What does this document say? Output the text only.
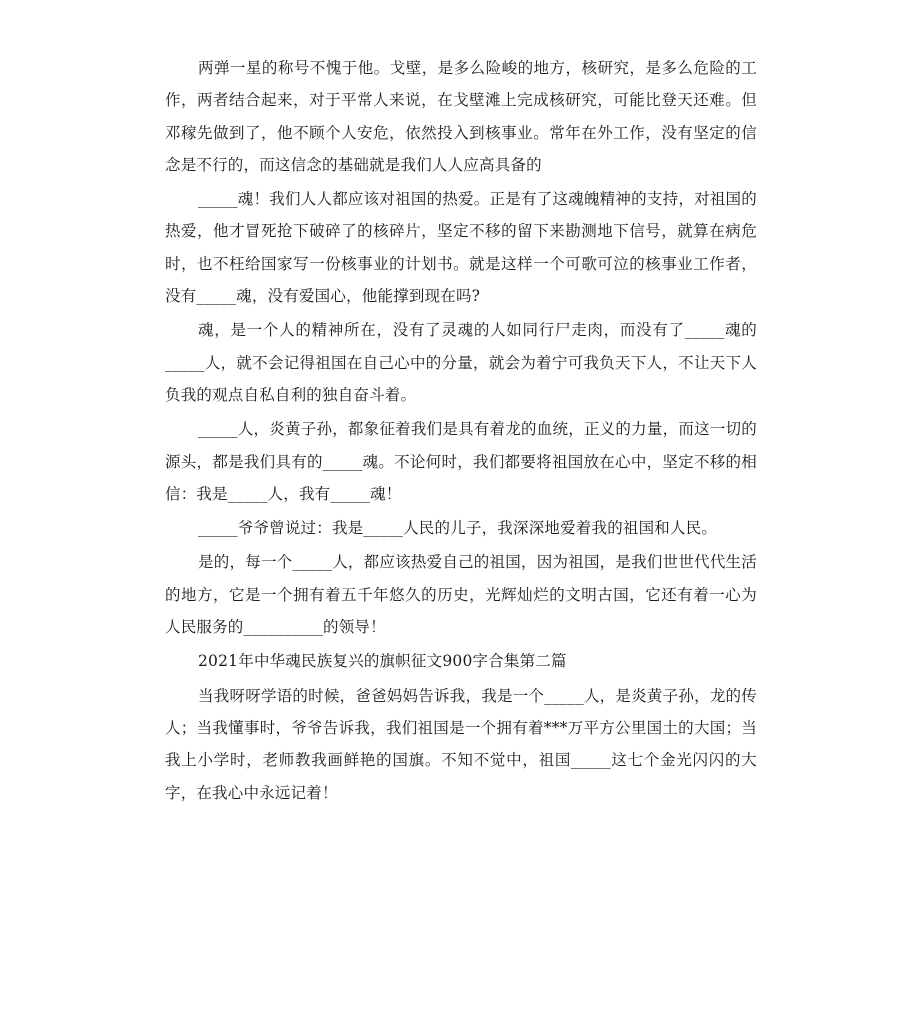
两弹一星的称号不愧于他。戈壁，是多么险峻的地方，核研究，是多么危险的工作，两者结合起来，对于平常人来说，在戈壁滩上完成核研究，可能比登天还难。但邓稼先做到了，他不顾个人安危，依然投入到核事业。常年在外工作，没有坚定的信念是不行的，而这信念的基础就是我们人人应高具备的

_____魂！我们人人都应该对祖国的热爱。正是有了这魂魄精神的支持，对祖国的热爱，他才冒死抢下破碎了的核碎片，坚定不移的留下来勘测地下信号，就算在病危时，也不枉给国家写一份核事业的计划书。就是这样一个可歌可泣的核事业工作者，没有_____魂，没有爱国心，他能撑到现在吗?

魂，是一个人的精神所在，没有了灵魂的人如同行尸走肉，而没有了_____魂的_____人，就不会记得祖国在自己心中的分量，就会为着宁可我负天下人，不让天下人负我的观点自私自利的独自奋斗着。

_____人，炎黄子孙，都象征着我们是具有着龙的血统，正义的力量，而这一切的源头，都是我们具有的_____魂。不论何时，我们都要将祖国放在心中，坚定不移的相信：我是_____人，我有_____魂！

_____爷爷曾说过：我是_____人民的儿子，我深深地爱着我的祖国和人民。

是的，每一个_____人，都应该热爱自己的祖国，因为祖国，是我们世世代代生活的地方，它是一个拥有着五千年悠久的历史，光辉灿烂的文明古国，它还有着一心为人民服务的__________的领导！

2021年中华魂民族复兴的旗帜征文900字合集第二篇

当我呀呀学语的时候，爸爸妈妈告诉我，我是一个_____人，是炎黄子孙，龙的传人；当我懂事时，爷爷告诉我，我们祖国是一个拥有着***万平方公里国土的大国；当我上小学时，老师教我画鲜艳的国旗。不知不觉中，祖国_____这七个金光闪闪的大字，在我心中永远记着！
